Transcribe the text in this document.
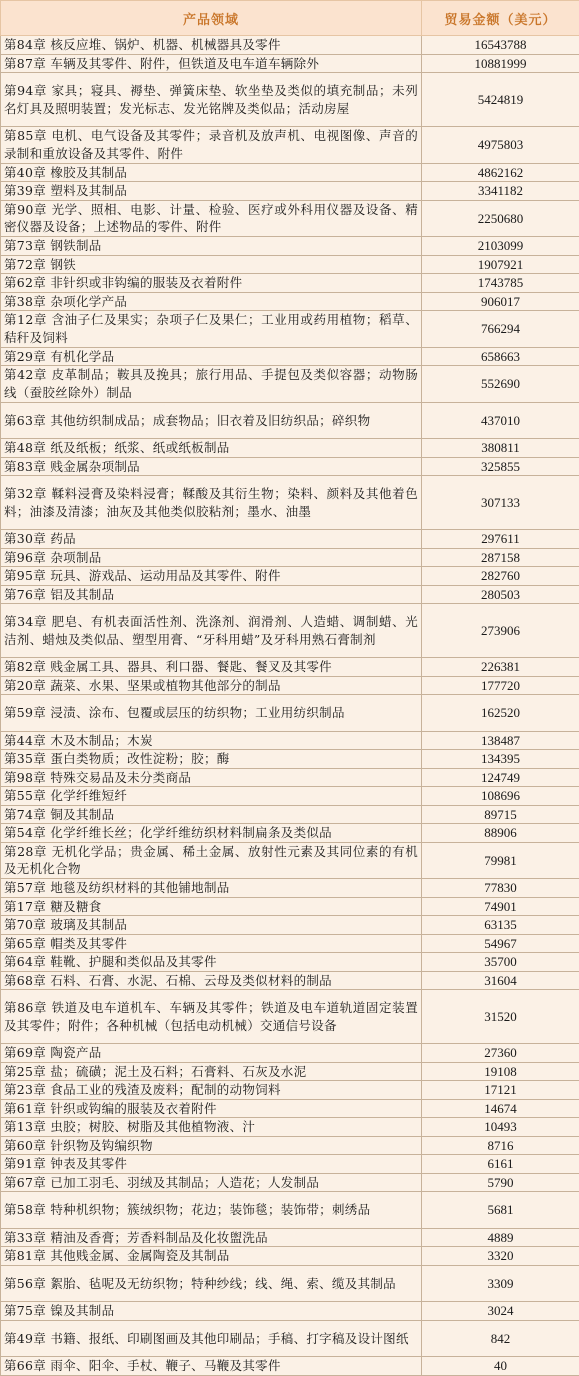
产品领域	贸易金额（美元）
第84章 核反应堆、锅炉、机器、机械器具及零件	16543788
第87章 车辆及其零件、附件，但铁道及电车道车辆除外	10881999
第94章 家具；寝具、褥垫、弹簧床垫、软坐垫及类似的填充制品；未列名灯具及照明装置；发光标志、发光铭牌及类似品；活动房屋	5424819
第85章 电机、电气设备及其零件；录音机及放声机、电视图像、声音的录制和重放设备及其零件、附件	4975803
第40章 橡胶及其制品	4862162
第39章 塑料及其制品	3341182
第90章 光学、照相、电影、计量、检验、医疗或外科用仪器及设备、精密仪器及设备；上述物品的零件、附件	2250680
第73章 钢铁制品	2103099
第72章 钢铁	1907921
第62章 非针织或非钩编的服装及衣着附件	1743785
第38章 杂项化学产品	906017
第12章 含油子仁及果实；杂项子仁及果仁；工业用或药用植物；稻草、秸秆及饲料	766294
第29章 有机化学品	658663
第42章 皮革制品；鞍具及挽具；旅行用品、手提包及类似容器；动物肠线（蚕胶丝除外）制品	552690
第63章 其他纺织制成品；成套物品；旧衣着及旧纺织品；碎织物	437010
第48章 纸及纸板；纸浆、纸或纸板制品	380811
第83章 贱金属杂项制品	325855
第32章 鞣料浸膏及染料浸膏；鞣酸及其衍生物；染料、颜料及其他着色料；油漆及清漆；油灰及其他类似胶粘剂；墨水、油墨	307133
第30章 药品	297611
第96章 杂项制品	287158
第95章 玩具、游戏品、运动用品及其零件、附件	282760
第76章 铝及其制品	280503
第34章 肥皂、有机表面活性剂、洗涤剂、润滑剂、人造蜡、调制蜡、光洁剂、蜡烛及类似品、塑型用膏、“牙科用蜡”及牙科用熟石膏制剂	273906
第82章 贱金属工具、器具、利口器、餐匙、餐叉及其零件	226381
第20章 蔬菜、水果、坚果或植物其他部分的制品	177720
第59章 浸渍、涂布、包覆或层压的纺织物；工业用纺织制品	162520
第44章 木及木制品；木炭	138487
第35章 蛋白类物质；改性淀粉；胶；酶	134395
第98章 特殊交易品及未分类商品	124749
第55章 化学纤维短纤	108696
第74章 铜及其制品	89715
第54章 化学纤维长丝；化学纤维纺织材料制扁条及类似品	88906
第28章 无机化学品；贵金属、稀土金属、放射性元素及其同位素的有机及无机化合物	79981
第57章 地毯及纺织材料的其他铺地制品	77830
第17章 糖及糖食	74901
第70章 玻璃及其制品	63135
第65章 帽类及其零件	54967
第64章 鞋靴、护腿和类似品及其零件	35700
第68章 石料、石膏、水泥、石棉、云母及类似材料的制品	31604
第86章 铁道及电车道机车、车辆及其零件；铁道及电车道轨道固定装置及其零件；附件；各种机械（包括电动机械）交通信号设备	31520
第69章 陶瓷产品	27360
第25章 盐；硫磺；泥土及石料；石膏料、石灰及水泥	19108
第23章 食品工业的残渣及废料；配制的动物饲料	17121
第61章 针织或钩编的服装及衣着附件	14674
第13章 虫胶；树胶、树脂及其他植物液、汁	10493
第60章 针织物及钩编织物	8716
第91章 钟表及其零件	6161
第67章 已加工羽毛、羽绒及其制品；人造花；人发制品	5790
第58章 特种机织物；簇绒织物；花边；装饰毯；装饰带；刺绣品	5681
第33章 精油及香膏；芳香料制品及化妆盥洗品	4889
第81章 其他贱金属、金属陶瓷及其制品	3320
第56章 絮胎、毡呢及无纺织物；特种纱线；线、绳、索、缆及其制品	3309
第75章 镍及其制品	3024
第49章 书籍、报纸、印刷图画及其他印刷品；手稿、打字稿及设计图纸	842
第66章 雨伞、阳伞、手杖、鞭子、马鞭及其零件	40
